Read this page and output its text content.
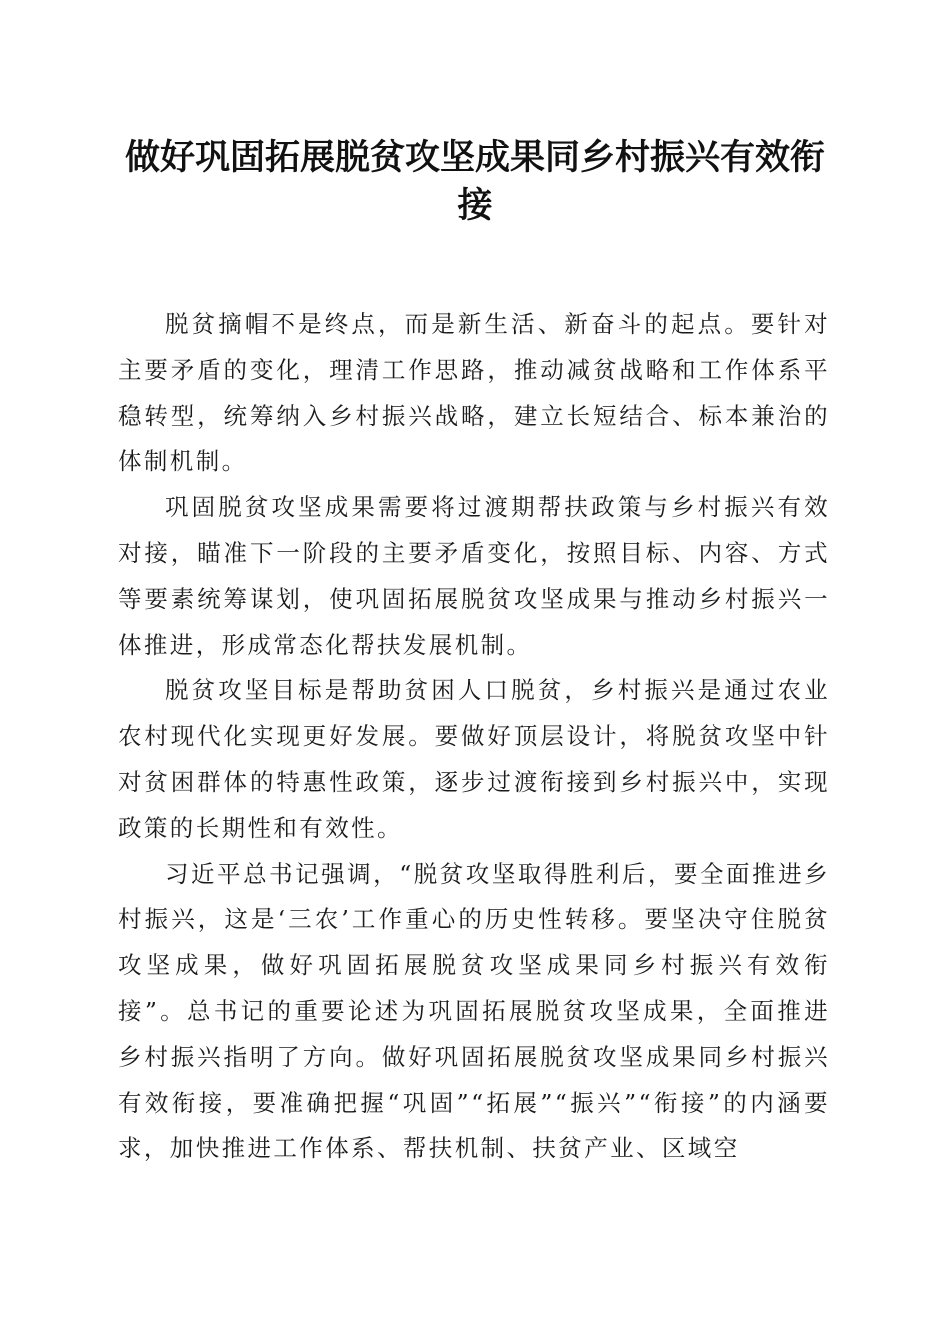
做好巩固拓展脱贫攻坚成果同乡村振兴有效衔接

脱贫摘帽不是终点，而是新生活、新奋斗的起点。要针对主要矛盾的变化，理清工作思路，推动减贫战略和工作体系平稳转型，统筹纳入乡村振兴战略，建立长短结合、标本兼治的体制机制。

巩固脱贫攻坚成果需要将过渡期帮扶政策与乡村振兴有效对接，瞄准下一阶段的主要矛盾变化，按照目标、内容、方式等要素统筹谋划，使巩固拓展脱贫攻坚成果与推动乡村振兴一体推进，形成常态化帮扶发展机制。

脱贫攻坚目标是帮助贫困人口脱贫，乡村振兴是通过农业农村现代化实现更好发展。要做好顶层设计，将脱贫攻坚中针对贫困群体的特惠性政策，逐步过渡衔接到乡村振兴中，实现政策的长期性和有效性。

习近平总书记强调，“脱贫攻坚取得胜利后，要全面推进乡村振兴，这是‘三农’工作重心的历史性转移。要坚决守住脱贫攻坚成果，做好巩固拓展脱贫攻坚成果同乡村振兴有效衔接”。总书记的重要论述为巩固拓展脱贫攻坚成果，全面推进乡村振兴指明了方向。做好巩固拓展脱贫攻坚成果同乡村振兴有效衔接，要准确把握“巩固”“拓展”“振兴”“衔接”的内涵要求，加快推进工作体系、帮扶机制、扶贫产业、区域空
